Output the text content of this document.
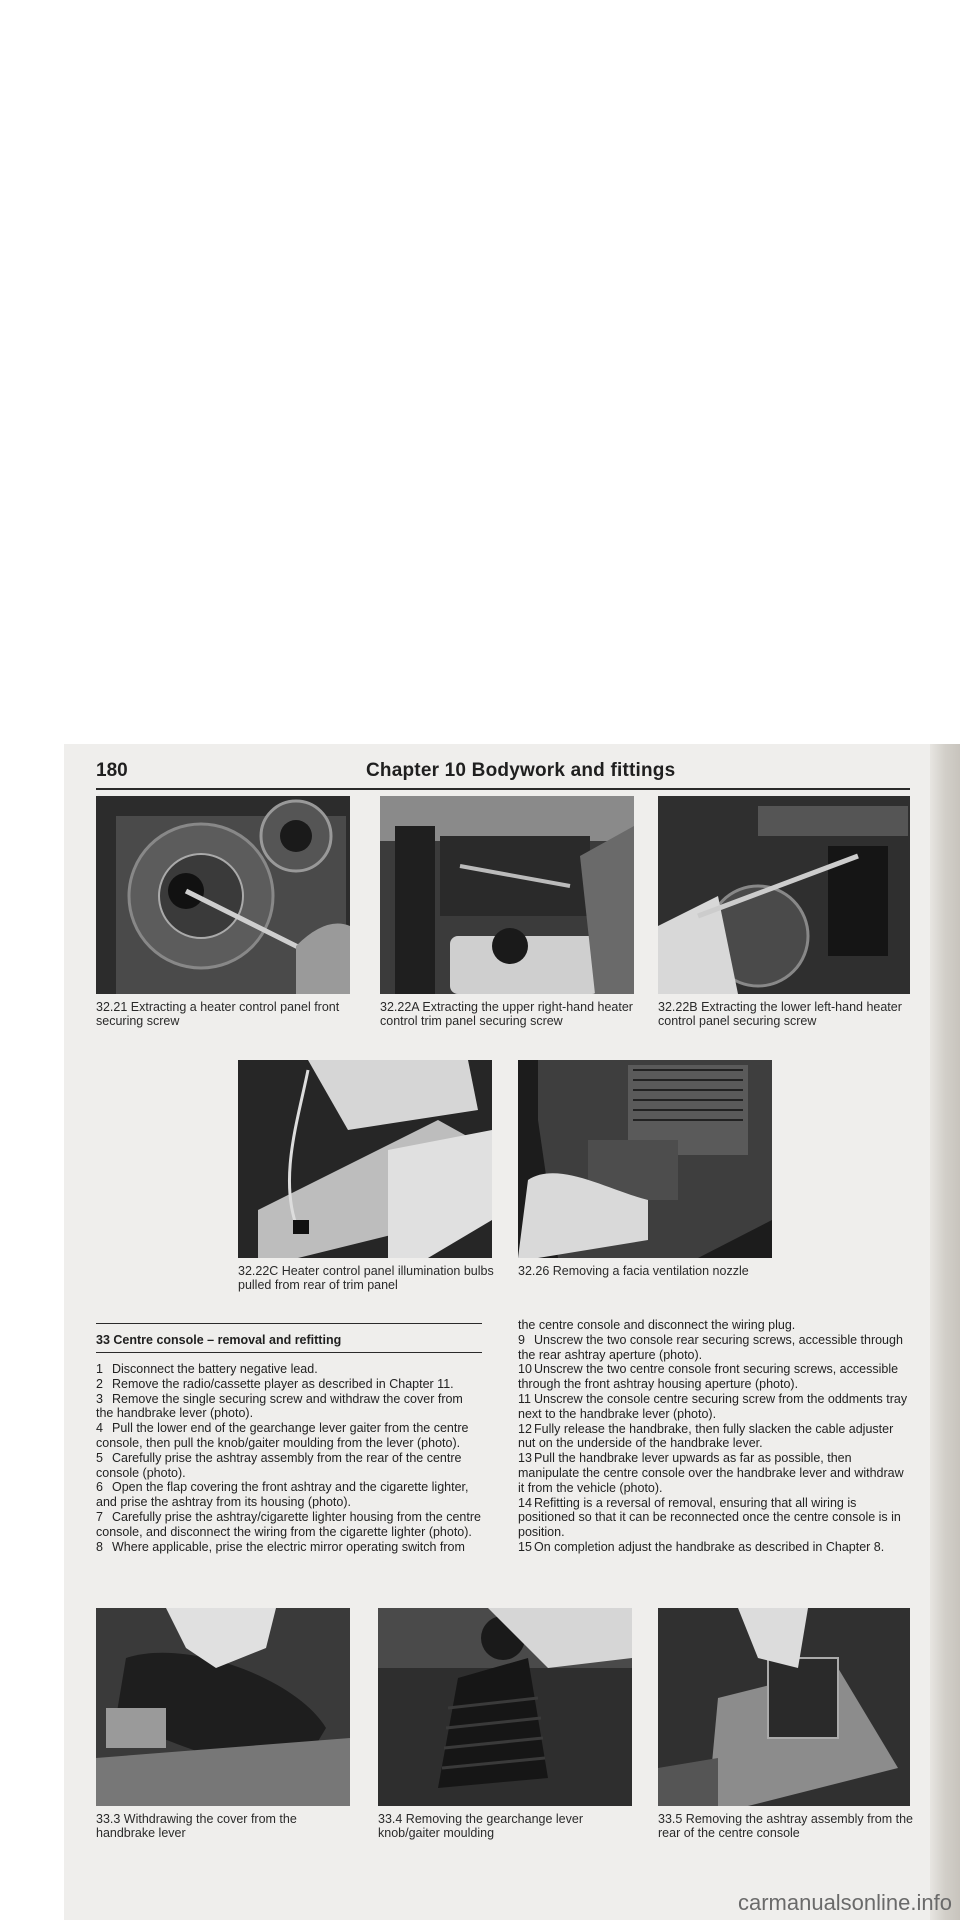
180	Chapter 10 Bodywork and fittings
32.21 Extracting a heater control panel front securing screw
32.22A Extracting the upper right-hand heater control trim panel securing screw
32.22B Extracting the lower left-hand heater control panel securing screw
32.22C Heater control panel illumination bulbs pulled from rear of trim panel
32.26 Removing a facia ventilation nozzle
33 Centre console – removal and refitting

1 Disconnect the battery negative lead.

2 Remove the radio/cassette player as described in Chapter 11.

3 Remove the single securing screw and withdraw the cover from the handbrake lever (photo).

4 Pull the lower end of the gearchange lever gaiter from the centre console, then pull the knob/gaiter moulding from the lever (photo).

5 Carefully prise the ashtray assembly from the rear of the centre console (photo).

6 Open the flap covering the front ashtray and the cigarette lighter, and prise the ashtray from its housing (photo).

7 Carefully prise the ashtray/cigarette lighter housing from the centre console, and disconnect the wiring from the cigarette lighter (photo).

8 Where applicable, prise the electric mirror operating switch from

the centre console and disconnect the wiring plug.

9 Unscrew the two console rear securing screws, accessible through the rear ashtray aperture (photo).

10 Unscrew the two centre console front securing screws, accessible through the front ashtray housing aperture (photo).

11 Unscrew the console centre securing screw from the oddments tray next to the handbrake lever (photo).

12 Fully release the handbrake, then fully slacken the cable adjuster nut on the underside of the handbrake lever.

13 Pull the handbrake lever upwards as far as possible, then manipulate the centre console over the handbrake lever and withdraw it from the vehicle (photo).

14 Refitting is a reversal of removal, ensuring that all wiring is positioned so that it can be reconnected once the centre console is in position.

15 On completion adjust the handbrake as described in Chapter 8.

33.3 Withdrawing the cover from the handbrake lever
33.4 Removing the gearchange lever knob/gaiter moulding
33.5 Removing the ashtray assembly from the rear of the centre console
carmanualsonline.info
